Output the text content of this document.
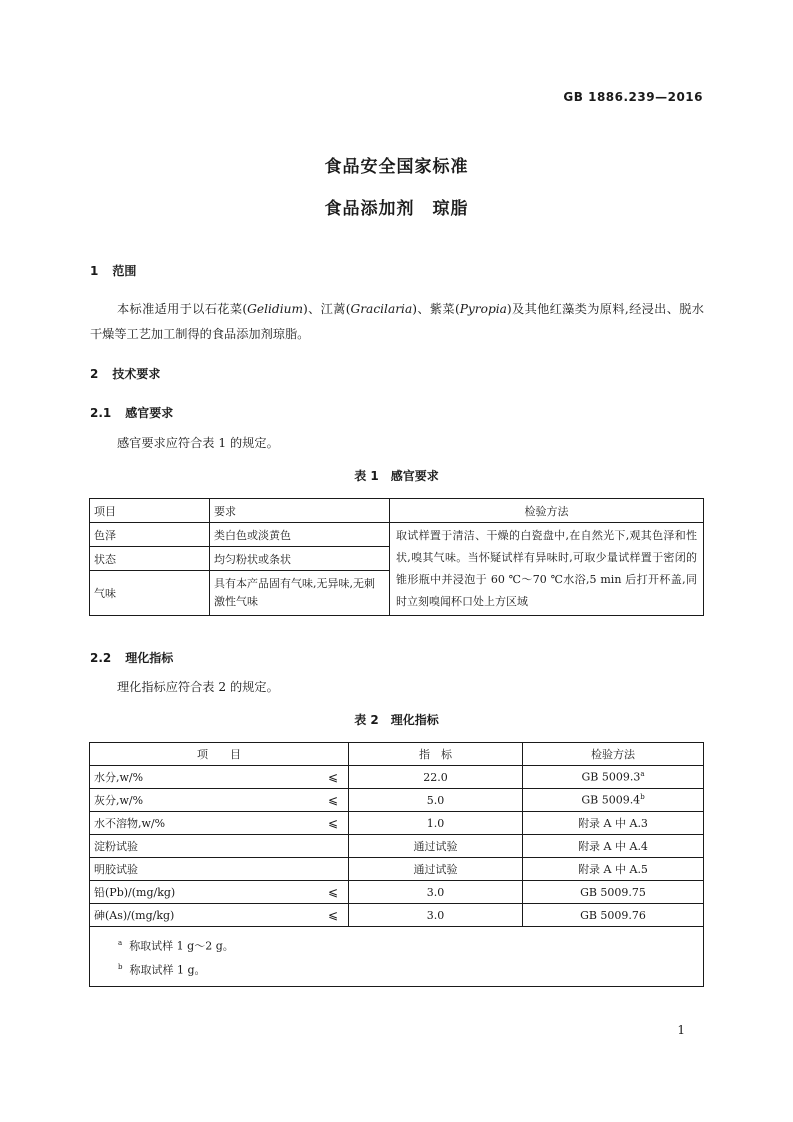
GB 1886.239—2016
食品安全国家标准
食品添加剂　琼脂
1 范围
本标准适用于以石花菜(Gelidium)、江蓠(Gracilaria)、紫菜(Pyropia)及其他红藻类为原料,经浸出、脱水干燥等工艺加工制得的食品添加剂琼脂。
2 技术要求
2.1 感官要求
感官要求应符合表 1 的规定。
表 1　感官要求
项目	要求	检验方法
色泽	类白色或淡黄色	取试样置于清洁、干燥的白瓷盘中,在自然光下,观其色泽和性状,嗅其气味。当怀疑试样有异味时,可取少量试样置于密闭的锥形瓶中并浸泡于 60 ℃～70 ℃水浴,5 min 后打开杯盖,同时立刻嗅闻杯口处上方区域
状态	均匀粉状或条状	
气味	具有本产品固有气味,无异味,无刺激性气味	
2.2 理化指标
理化指标应符合表 2 的规定。
表 2　理化指标
项　　目	指　标	检验方法

水分,w/% ⩽	22.0	GB 5009.3$^a$

灰分,w/% ⩽	5.0	GB 5009.4$^b$

水不溶物,w/% ⩽	1.0	附录 A 中 A.3
淀粉试验	通过试验	附录 A 中 A.4
明胶试验	通过试验	附录 A 中 A.5

铅(Pb)/(mg/kg) ⩽	3.0	GB 5009.75

砷(As)/(mg/kg) ⩽	3.0	GB 5009.76

$^a$ 称取试样 1 g～2 g。
$^b$ 称取试样 1 g。		
1
